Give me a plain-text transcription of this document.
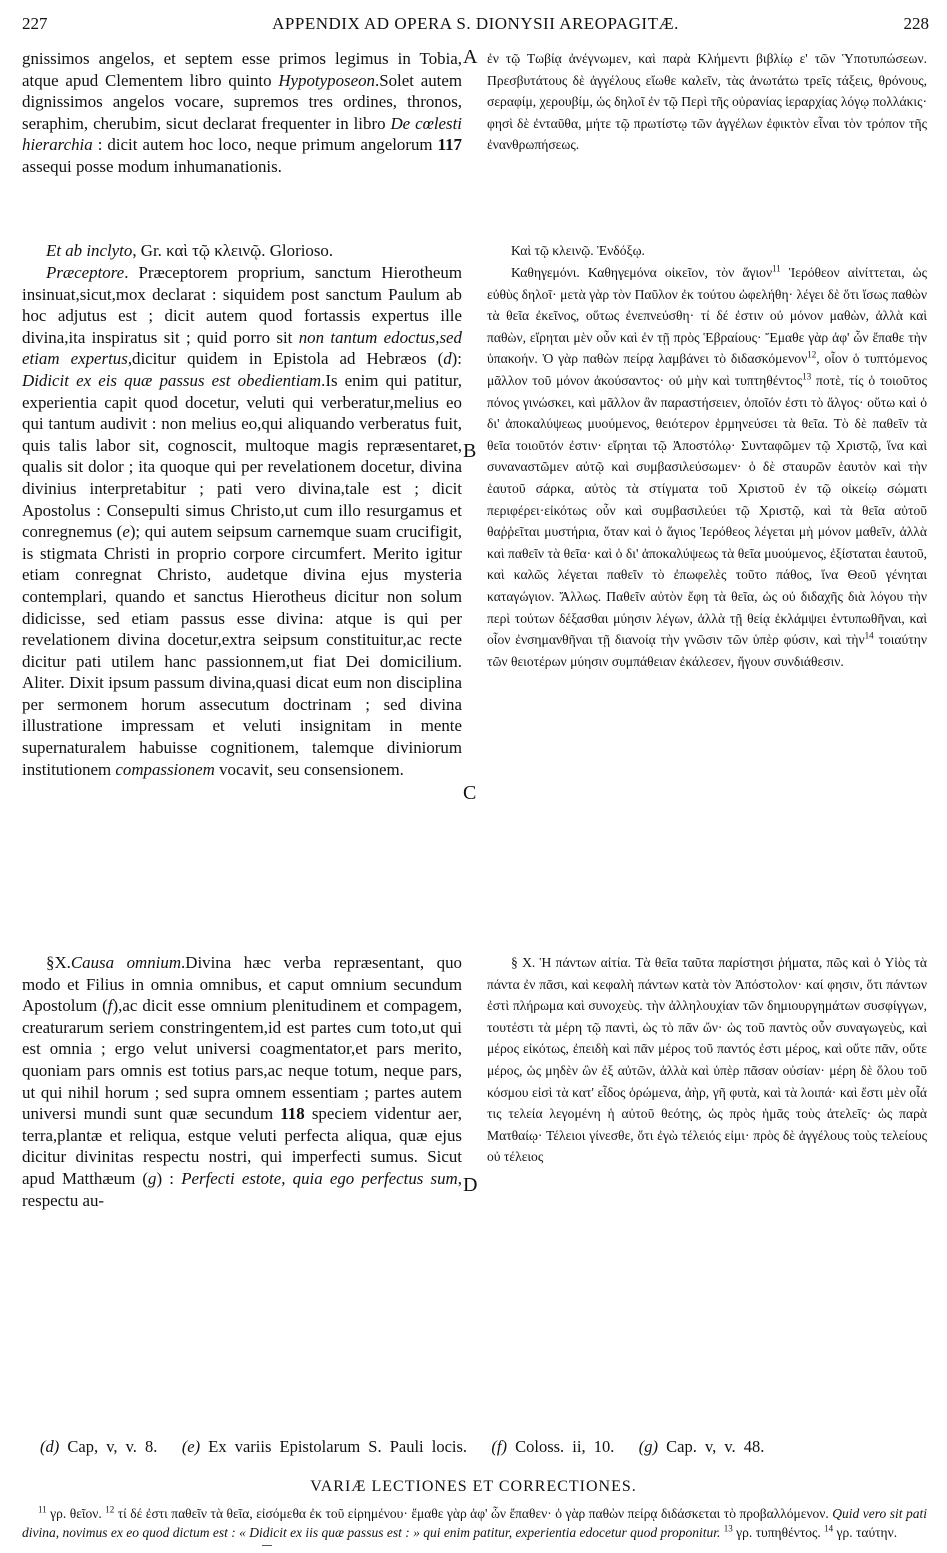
227	APPENDIX AD OPERA S. DIONYSII AREOPAGITÆ.	228

gnissimos angelos, et septem esse primos legimus in Tobia, atque apud Clementem libro quinto Hypotyposeon.Solet autem dignissimos angelos vocare, supremos tres ordines, thronos, seraphim, cherubim, sicut declarat frequenter in libro De cœlesti hierarchia : dicit autem hoc loco, neque primum angelorum 117 assequi posse modum inhumanationis.

Et ab inclyto, Gr. καὶ τῷ κλεινῷ. Glorioso.

Præceptore. Præceptorem proprium, sanctum Hierotheum insinuat,sicut,mox declarat : siquidem post sanctum Paulum ab hoc adjutus est ; dicit autem quod fortassis expertus ille divina,ita inspiratus sit ; quid porro sit non tantum edoctus,sed etiam expertus,dicitur quidem in Epistola ad Hebræos (d): Didicit ex eis quæ passus est obedientiam.Is enim qui patitur, experientia capit quod docetur, veluti qui verberatur,melius eo qui tantum audivit : non melius eo,qui aliquando verberatus fuit, quis talis labor sit, cognoscit, multoque magis repræsentaret, qualis sit dolor ; ita quoque qui per revelationem docetur, divina divinius interpretabitur ; pati vero divina,tale est ; dicit Apostolus : Consepulti simus Christo,ut cum illo resurgamus et conregnemus (e); qui autem seipsum carnemque suam crucifigit, is stigmata Christi in proprio corpore circumfert. Merito igitur etiam conregnat Christo, audetque divina ejus mysteria contemplari, quando et sanctus Hierotheus dicitur non solum didicisse, sed etiam passus esse divina: atque is qui per revelationem divina docetur,extra seipsum constituitur,ac recte dicitur pati utilem hanc passionnem,ut fiat Dei domicilium. Aliter. Dixit ipsum passum divina,quasi dicat eum non disciplina per sermonem horum assecutum doctrinam ; sed divina illustratione impressam et veluti insignitam in mente supernaturalem habuisse cognitionem, talemque diviniorum institutionem compassionem vocavit, seu consensionem.

§X.Causa omnium.Divina hæc verba repræsentant, quo modo et Filius in omnia omnibus, et caput omnium secundum Apostolum (f),ac dicit esse omnium plenitudinem et compagem, creaturarum seriem constringentem,id est partes cum toto,ut qui est omnia ; ergo velut universi coagmentator,et pars merito, quoniam pars omnis est totius pars,ac neque totum, neque pars, ut qui nihil horum ; sed supra omnem essentiam ; partes autem universi mundi sunt quæ secundum 118 speciem videntur aer, terra,plantæ et reliqua, estque veluti perfecta aliqua, quæ ejus dicitur divinitas respectu nostri, qui imperfecti sumus. Sicut apud Matthæum (g) : Perfecti estote, quia ego perfectus sum, respectu au-

A
B
C
D

ἐν τῷ Τωβίᾳ ἀνέγνωμεν, καὶ παρὰ Κλήμεντι βιβλίῳ ε' τῶν Ὑποτυπώσεων. Πρεσβυτάτους δὲ ἀγγέλους εἴωθε καλεῖν, τὰς ἀνωτάτω τρεῖς τάξεις, θρόνους, σεραφίμ, χερουβίμ, ὡς δηλοῖ ἐν τῷ Περὶ τῆς οὐρανίας ἱεραρχίας λόγῳ πολλάκις· φησὶ δὲ ἐνταῦθα, μήτε τῷ πρωτίστῳ τῶν ἀγγέλων ἐφικτὸν εἶναι τὸν τρόπον τῆς ἐνανθρωπήσεως.

Καὶ τῷ κλεινῷ. Ἐνδόξῳ.

Καθηγεμόνι. Καθηγεμόνα οἰκεῖον, τὸν ἅγιον$^{11}$ Ἱερόθεον αἰνίττεται, ὡς εὐθὺς δηλοῖ· μετὰ γὰρ τὸν Παῦλον ἐκ τούτου ὠφελήθη· λέγει δὲ ὅτι ἴσως παθὼν τὰ θεῖα ἐκεῖνος, οὕτως ἐνεπνεύσθη· τί δέ ἐστιν οὐ μόνον μαθὼν, ἀλλὰ καὶ παθὼν, εἴρηται μὲν οὖν καὶ ἐν τῇ πρὸς Ἑβραίους· Ἔμαθε γὰρ ἀφ' ὧν ἔπαθε τὴν ὑπακοήν. Ὁ γὰρ παθὼν πείρᾳ λαμβάνει τὸ διδασκόμενον$^{12}$, οἷον ὁ τυπτόμενος μᾶλλον τοῦ μόνον ἀκούσαντος· οὐ μὴν καὶ τυπτηθέντος$^{13}$ ποτὲ, τίς ὁ τοιοῦτος πόνος γινώσκει, καὶ μᾶλλον ἂν παραστήσειεν, ὁποῖόν ἐστι τὸ ἄλγος· οὕτω καὶ ὁ δι' ἀποκαλύψεως μυούμενος, θειότερον ἑρμηνεύσει τὰ θεῖα. Τὸ δὲ παθεῖν τὰ θεῖα τοιοῦτόν ἐστιν· εἴρηται τῷ Ἀποστόλῳ· Συνταφῶμεν τῷ Χριστῷ, ἵνα καὶ συναναστῶμεν αὐτῷ καὶ συμβασιλεύσωμεν· ὁ δὲ σταυρῶν ἑαυτὸν καὶ τὴν ἑαυτοῦ σάρκα, αὐτὸς τὰ στίγματα τοῦ Χριστοῦ ἐν τῷ οἰκείῳ σώματι περιφέρει·εἰκότως οὖν καὶ συμβασιλεύει τῷ Χριστῷ, καὶ τὰ θεῖα αὐτοῦ θαῤῥεῖται μυστήρια, ὅταν καὶ ὁ ἅγιος Ἱερόθεος λέγεται μὴ μόνον μαθεῖν, ἀλλὰ καὶ παθεῖν τὰ θεῖα· καὶ ὁ δι' ἀποκαλύψεως τὰ θεῖα μυούμενος, ἐξίσταται ἑαυτοῦ, καὶ καλῶς λέγεται παθεῖν τὸ ἐπωφελὲς τοῦτο πάθος, ἵνα Θεοῦ γένηται καταγώγιον. Ἄλλως. Παθεῖν αὐτὸν ἔφη τὰ θεῖα, ὡς οὐ διδαχῆς διὰ λόγου τὴν περὶ τούτων δέξασθαι μύησιν λέγων, ἀλλὰ τῇ θείᾳ ἐκλάμψει ἐντυπωθῆναι, καὶ οἷον ἐνσημανθῆναι τῇ διανοίᾳ τὴν γνῶσιν τῶν ὑπὲρ φύσιν, καὶ τὴν$^{14}$ τοιαύτην τῶν θειοτέρων μύησιν συμπάθειαν ἐκάλεσεν, ἤγουν συνδιάθεσιν.

§ X. Ἡ πάντων αἰτία. Τὰ θεῖα ταῦτα παρίστησι ῥήματα, πῶς καὶ ὁ Υἱὸς τὰ πάντα ἐν πᾶσι, καὶ κεφαλὴ πάντων κατὰ τὸν Ἀπόστολον· καί φησιν, ὅτι πάντων ἐστὶ πλήρωμα καὶ συνοχεὺς. τὴν ἀλληλουχίαν τῶν δημιουργημάτων συσφίγγων, τουτέστι τὰ μέρη τῷ παντὶ, ὡς τὸ πᾶν ὤν· ὡς τοῦ παντὸς οὖν συναγωγεὺς, καὶ μέρος εἰκότως, ἐπειδὴ καὶ πᾶν μέρος τοῦ παντός ἐστι μέρος, καὶ οὔτε πᾶν, οὔτε μέρος, ὡς μηδὲν ὢν ἐξ αὐτῶν, ἀλλὰ καὶ ὑπὲρ πᾶσαν οὐσίαν· μέρη δὲ ὅλου τοῦ κόσμου εἰσὶ τὰ κατ' εἶδος ὁρώμενα, ἀὴρ, γῆ φυτὰ, καὶ τὰ λοιπά· καὶ ἔστι μὲν οἷά τις τελεία λεγομένη ἡ αὐτοῦ θεότης, ὡς πρὸς ἡμᾶς τοὺς ἀτελεῖς· ὡς παρὰ Ματθαίῳ· Τέλειοι γίνεσθε, ὅτι ἐγὼ τέλειός εἰμι· πρὸς δὲ ἀγγέλους τοὺς τελείους οὐ τέλειος

(d) Cap, v, v. 8. (e) Ex variis Epistolarum S. Pauli locis. (f) Coloss. ii, 10. (g) Cap. v, v. 48.
VARIÆ LECTIONES ET CORRECTIONES.

$^{11}$ γρ. θεῖον. $^{12}$ τί δέ ἐστι παθεῖν τὰ θεῖα, εἰσόμεθα ἐκ τοῦ εἰρημένου· ἔμαθε γὰρ ἀφ' ὧν ἔπαθεν· ὁ γὰρ παθὼν πείρᾳ διδάσκεται τὸ προβαλλόμενον. Quid vero sit pati divina, novimus ex eo quod dictum est : « Didicit ex iis quæ passus est : » qui enim patitur, experientia edocetur quod proponitur. $^{13}$ γρ. τυπηθέντος. $^{14}$ γρ. ταύτην.
